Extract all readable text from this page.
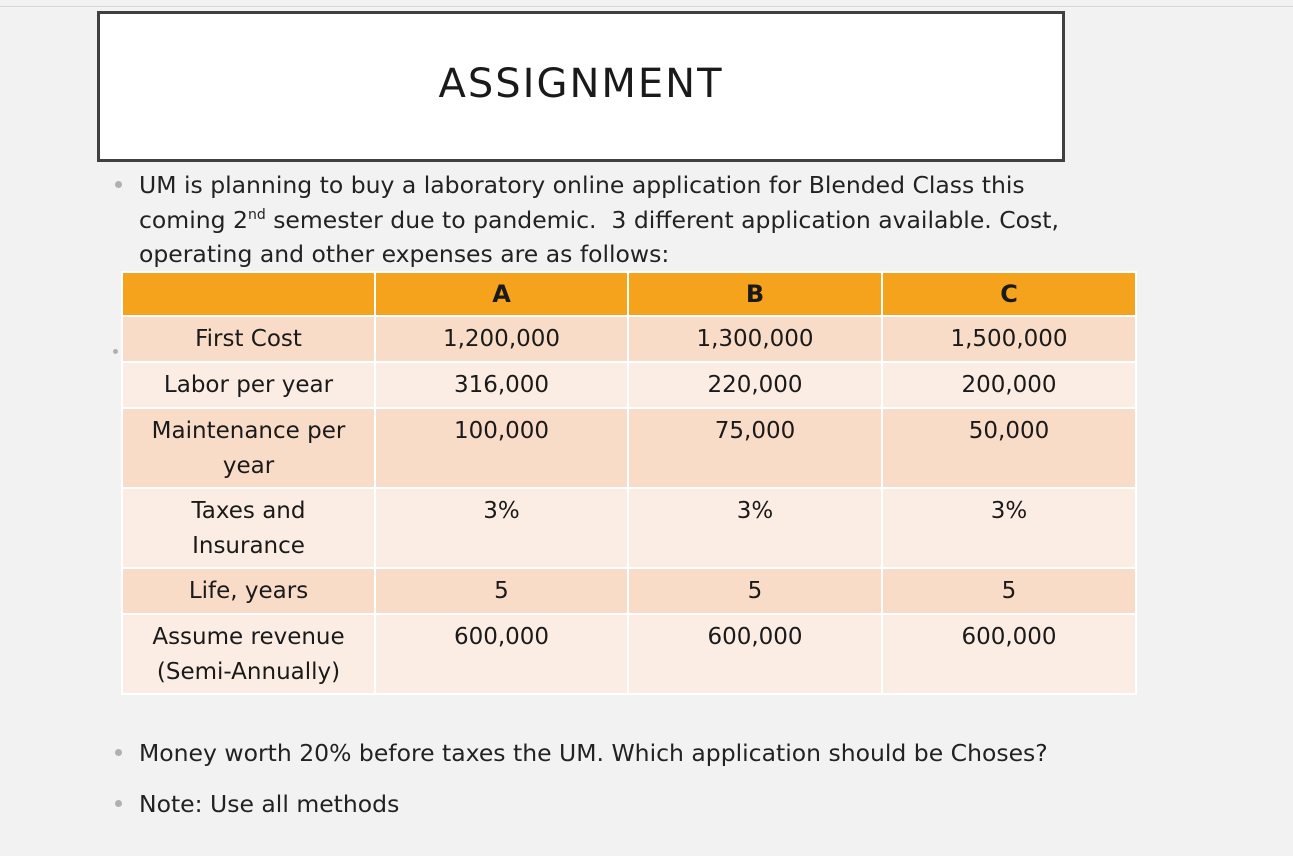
ASSIGNMENT
UM is planning to buy a laboratory online application for Blended Class this
coming 2nd semester due to pandemic.  3 different application available. Cost,
operating and other expenses are as follows:
	A	B	C
First Cost	1,200,000	1,300,000	1,500,000
Labor per year	316,000	220,000	200,000
Maintenance per year	100,000	75,000	50,000
Taxes and Insurance	3%	3%	3%
Life, years	5	5	5
Assume revenue (Semi-Annually)	600,000	600,000	600,000
Money worth 20% before taxes the UM. Which application should be Choses?
Note: Use all methods
